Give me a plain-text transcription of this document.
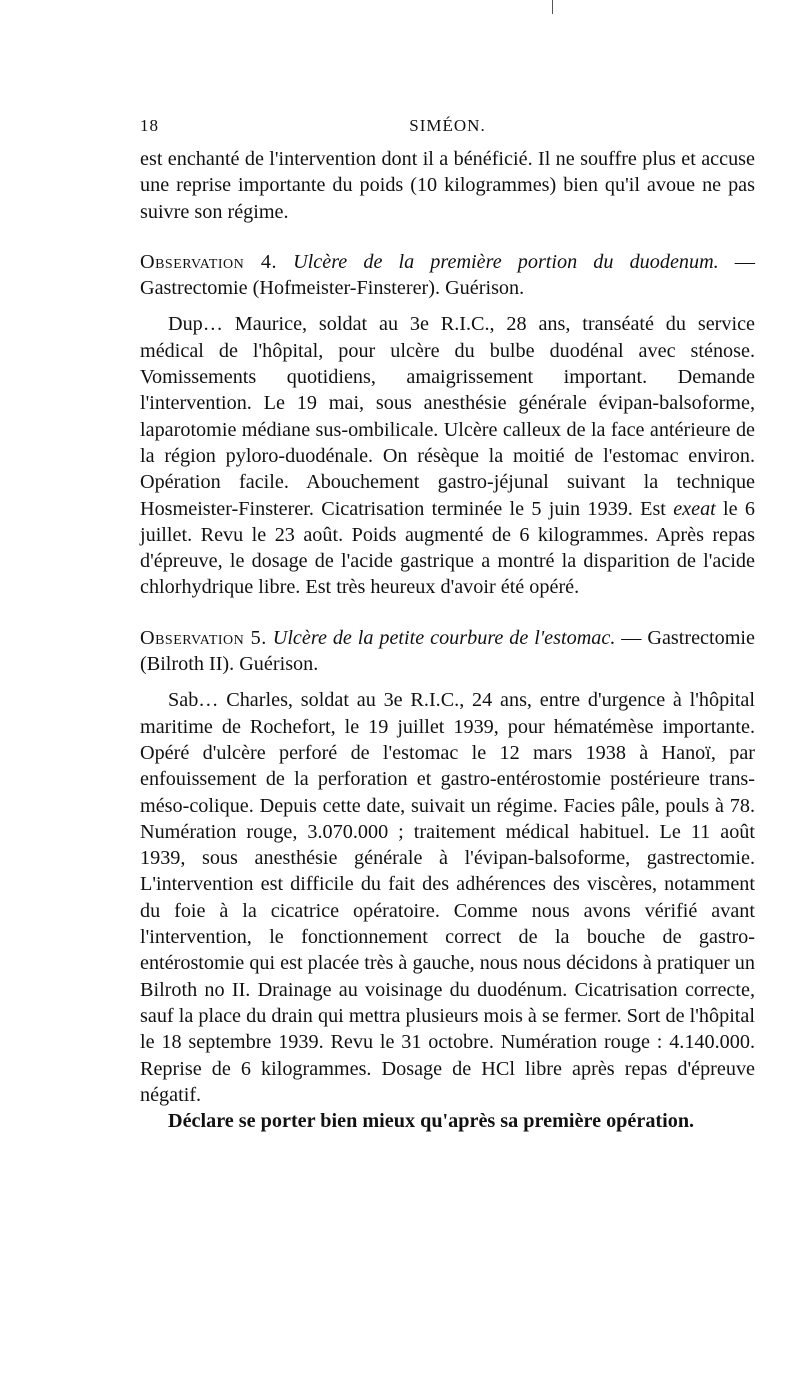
18	SIMÉON.

est enchanté de l'intervention dont il a bénéficié. Il ne souffre plus et accuse une reprise importante du poids (10 kilogrammes) bien qu'il avoue ne pas suivre son régime.

Observation 4. Ulcère de la première portion du duodenum. — Gastrectomie (Hofmeister-Finsterer). Guérison.

Dup… Maurice, soldat au 3e R.I.C., 28 ans, transéaté du service médical de l'hôpital, pour ulcère du bulbe duodénal avec sténose. Vomissements quotidiens, amaigrissement important. Demande l'intervention. Le 19 mai, sous anesthésie générale évipan-balsoforme, laparotomie médiane sus-ombilicale. Ulcère calleux de la face antérieure de la région pyloro-duodénale. On résèque la moitié de l'estomac environ. Opération facile. Abouchement gastro-jéjunal suivant la technique Hosmeister-Finsterer. Cicatrisation terminée le 5 juin 1939. Est exeat le 6 juillet. Revu le 23 août. Poids augmenté de 6 kilogrammes. Après repas d'épreuve, le dosage de l'acide gastrique a montré la disparition de l'acide chlorhydrique libre. Est très heureux d'avoir été opéré.

Observation 5. Ulcère de la petite courbure de l'estomac. — Gastrectomie (Bilroth II). Guérison.

Sab… Charles, soldat au 3e R.I.C., 24 ans, entre d'urgence à l'hôpital maritime de Rochefort, le 19 juillet 1939, pour hématémèse importante. Opéré d'ulcère perforé de l'estomac le 12 mars 1938 à Hanoï, par enfouissement de la perforation et gastro-entérostomie postérieure trans-méso-colique. Depuis cette date, suivait un régime. Facies pâle, pouls à 78. Numération rouge, 3.070.000 ; traitement médical habituel. Le 11 août 1939, sous anesthésie générale à l'évipan-balsoforme, gastrectomie. L'intervention est difficile du fait des adhérences des viscères, notamment du foie à la cicatrice opératoire. Comme nous avons vérifié avant l'intervention, le fonctionnement correct de la bouche de gastro-entérostomie qui est placée très à gauche, nous nous décidons à pratiquer un Bilroth no II. Drainage au voisinage du duodénum. Cicatrisation correcte, sauf la place du drain qui mettra plusieurs mois à se fermer. Sort de l'hôpital le 18 septembre 1939. Revu le 31 octobre. Numération rouge : 4.140.000. Reprise de 6 kilogrammes. Dosage de HCl libre après repas d'épreuve négatif.

Déclare se porter bien mieux qu'après sa première opération.
